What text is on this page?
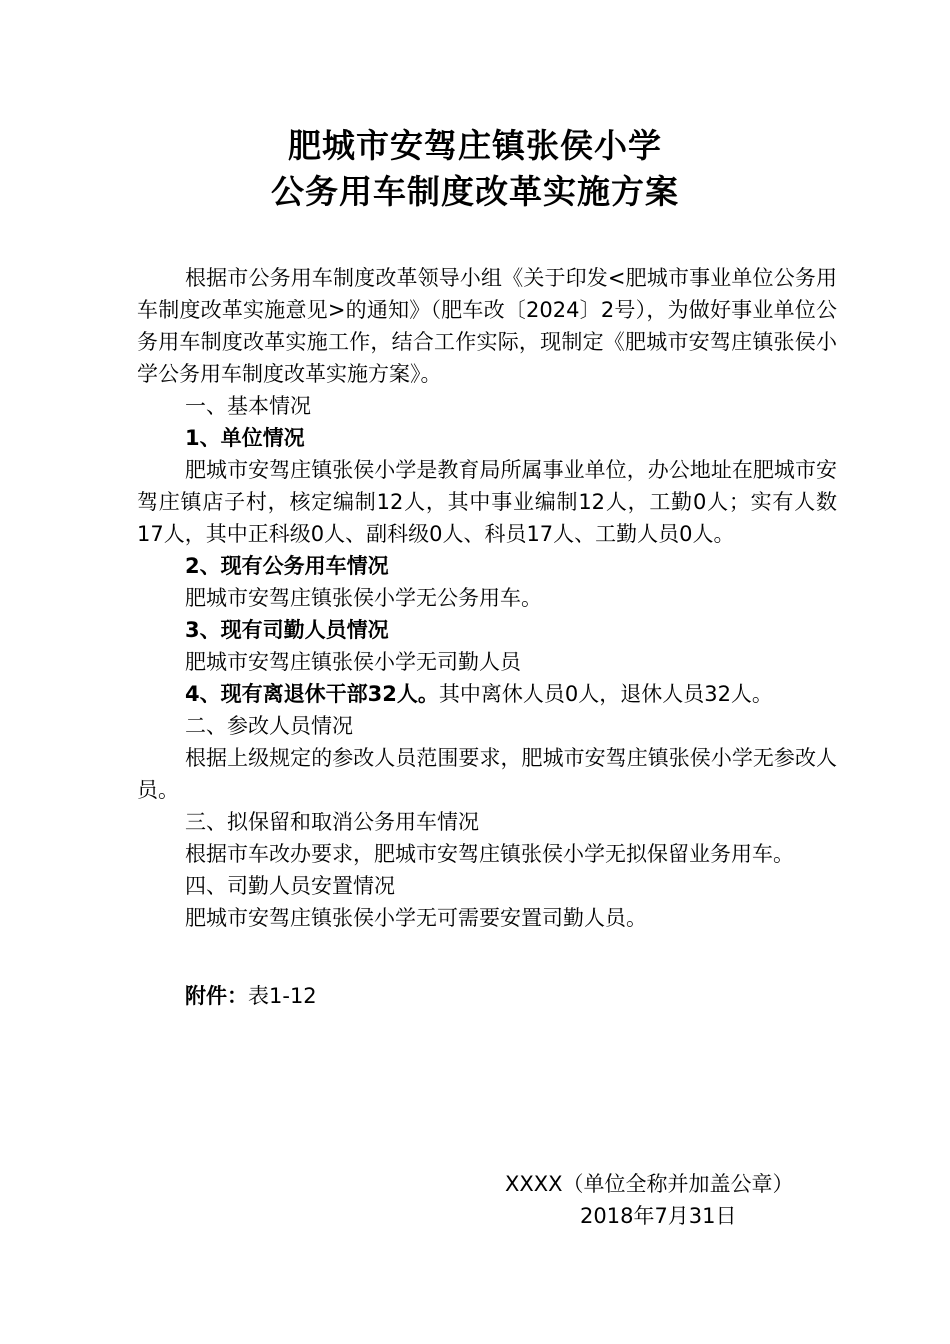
肥城市安驾庄镇张侯小学
公务用车制度改革实施方案

根据市公务用车制度改革领导小组《关于印发<肥城市事业单位公务用车制度改革实施意见>的通知》（肥车改〔2024〕2号），为做好事业单位公务用车制度改革实施工作，结合工作实际，现制定《肥城市安驾庄镇张侯小学公务用车制度改革实施方案》。

一、基本情况

1、单位情况

肥城市安驾庄镇张侯小学是教育局所属事业单位，办公地址在肥城市安驾庄镇店子村，核定编制12人，其中事业编制12人，工勤0人；实有人数17人，其中正科级0人、副科级0人、科员17人、工勤人员0人。

2、现有公务用车情况

肥城市安驾庄镇张侯小学无公务用车。

3、现有司勤人员情况

肥城市安驾庄镇张侯小学无司勤人员

4、现有离退休干部32人。其中离休人员0人，退休人员32人。

二、参改人员情况

根据上级规定的参改人员范围要求，肥城市安驾庄镇张侯小学无参改人员。

三、拟保留和取消公务用车情况

根据市车改办要求，肥城市安驾庄镇张侯小学无拟保留业务用车。

四、司勤人员安置情况

肥城市安驾庄镇张侯小学无可需要安置司勤人员。

附件：表1-12

XXXX（单位全称并加盖公章）
2018年7月31日
